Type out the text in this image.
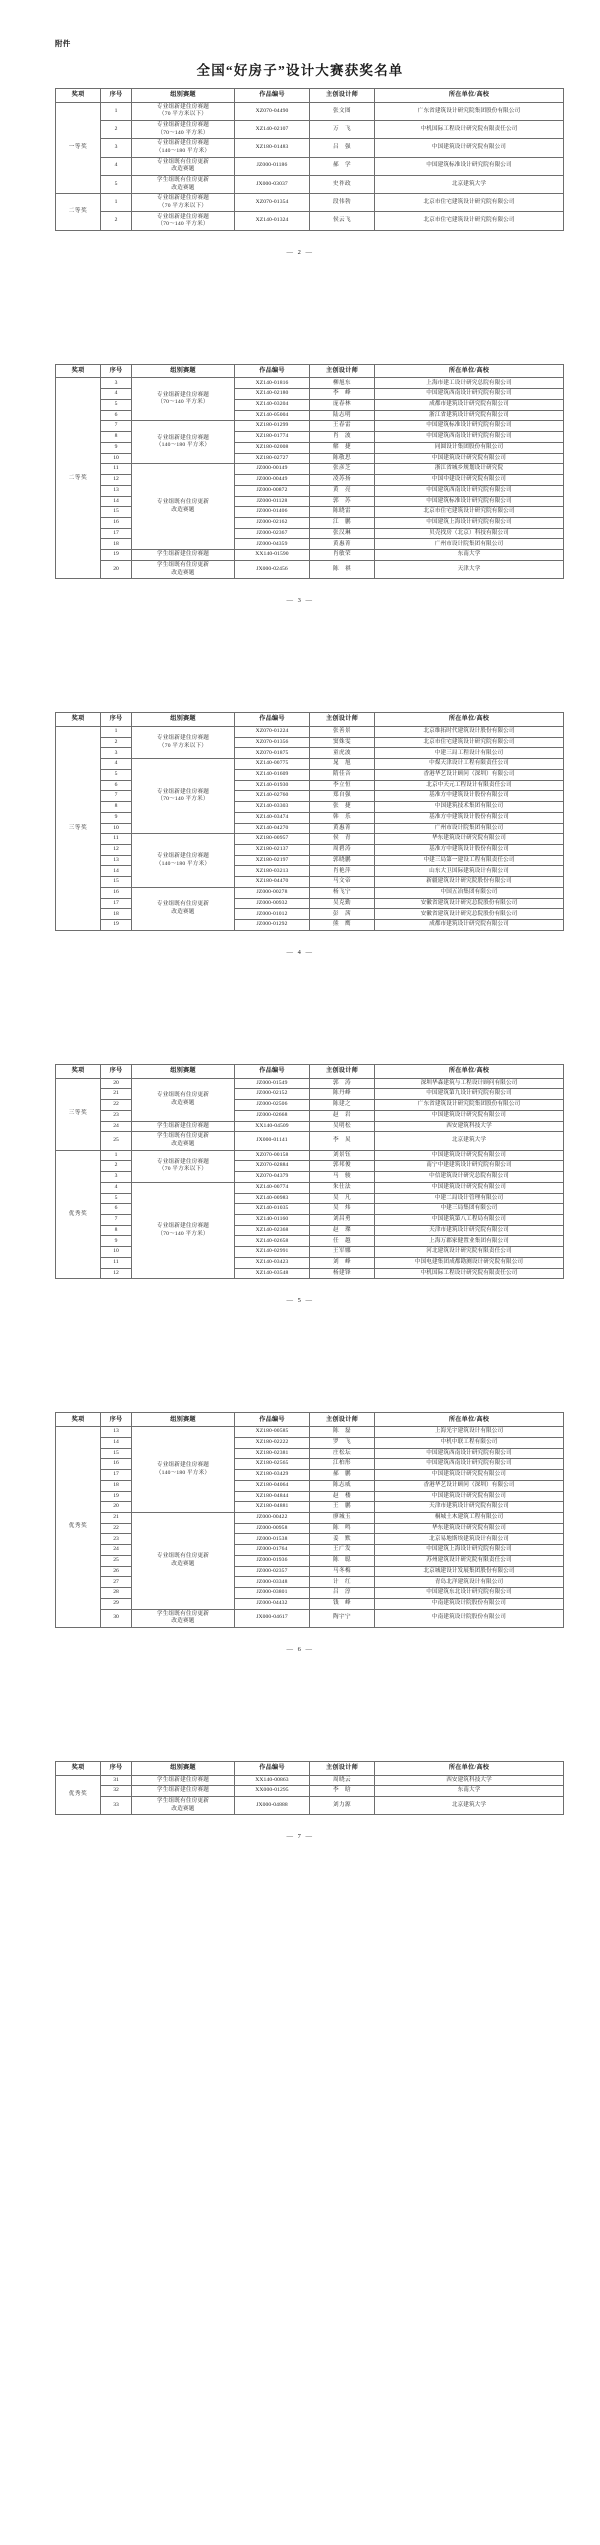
附件
全国“好房子”设计大赛获奖名单
奖项	序号	组别赛题	作品编号	主创设计师	所在单位/高校
一等奖	1	专业组新建住房赛题
（70 平方米以下）	XZ070-04490	张文图	广东省建筑设计研究院集团股份有限公司
	2	专业组新建住房赛题
（70～140 平方米）	XZ140-02107	万　飞	中机国际工程设计研究院有限责任公司
	3	专业组新建住房赛题
（140～180 平方米）	XZ180-01483	吕　强	中国建筑设计研究院有限公司
	4	专业组既有住房更新
改造赛题	JZ000-01186	郝　学	中国建筑标准设计研究院有限公司
	5	学生组既有住房更新
改造赛题	JX000-03037	史祚政	北京建筑大学
二等奖	1	专业组新建住房赛题
（70 平方米以下）	XZ070-01354	段伟勃	北京市住宅建筑设计研究院有限公司
	2	专业组新建住房赛题
（70～140 平方米）	XZ140-01324	侯云飞	北京市住宅建筑设计研究院有限公司
— 2 —
奖项	序号	组别赛题	作品编号	主创设计师	所在单位/高校
二等奖	3	专业组新建住房赛题
（70～140 平方米）	XZ140-01816	柳旭东	上海市建工设计研究总院有限公司
	4		XZ140-02180	李　峰	中国建筑西南设计研究院有限公司
	5		XZ140-03204	庞春林	成都市建筑设计研究院有限公司
	6		XZ140-05004	陆志明	浙江省建筑设计研究院有限公司
	7	专业组新建住房赛题
（140～180 平方米）	XZ180-01299	王春雷	中国建筑标准设计研究院有限公司
	8		XZ180-01774	肖　波	中国建筑西南设计研究院有限公司
	9		XZ180-02008	解　捷	同圆设计集团股份有限公司
	10		XZ180-02727	陈敬思	中国建筑设计研究院有限公司
	11	专业组既有住房更新
改造赛题	JZ000-00149	张彦芝	浙江省城乡规划设计研究院
	12		JZ000-00449	凌苏扬	中国中建设计研究院有限公司
	13		JZ000-00872	黄　亮	中国建筑西南设计研究院有限公司
	14		JZ000-01128	郭　苏	中国建筑标准设计研究院有限公司
	15		JZ000-01406	陈晓雷	北京市住宅建筑设计研究院有限公司
	16		JZ000-02162	江　鹏	中国建筑上海设计研究院有限公司
	17		JZ000-02367	张汉琳	贝壳找房（北京）科技有限公司
	18		JZ000-04359	黄惠菁	广州市设计院集团有限公司
	19	学生组新建住房赛题	XX140-01590	肖敏荣	东南大学
	20	学生组既有住房更新
改造赛题	JX000-02456	陈　祺	天津大学
— 3 —
奖项	序号	组别赛题	作品编号	主创设计师	所在单位/高校
三等奖	1	专业组新建住房赛题
（70 平方米以下）	XZ070-01224	张善景	北京维拓时代建筑设计股份有限公司
	2		XZ070-01356	窦姝雯	北京市住宅建筑设计研究院有限公司
	3		XZ070-01875	童虎波	中建三局工程设计有限公司
	4	专业组新建住房赛题
（70～140 平方米）	XZ140-00775	晁　旭	中煤天津设计工程有限责任公司
	5		XZ140-01609	隋佳音	香港华艺设计顾问（深圳）有限公司
	6		XZ140-01930	李立恒	北京中天元工程设计有限责任公司
	7		XZ140-02760	郑自强	基准方中建筑设计股份有限公司
	8		XZ140-03303	张　捷	中国建筑技术集团有限公司
	9		XZ140-03474	韩　乐	基准方中建筑设计股份有限公司
	10		XZ140-04270	黄惠菁	广州市设计院集团有限公司
	11	专业组新建住房赛题
（140～180 平方米）	XZ180-00957	侯　青	华东建筑设计研究院有限公司
	12		XZ180-02137	周碧涛	基准方中建筑设计股份有限公司
	13		XZ180-02197	郭晓鹏	中建三局第一建设工程有限责任公司
	14		XZ180-03213	肖艳萍	山东大卫国际建筑设计有限公司
	15		XZ180-04470	马文帝	新疆建筑设计研究院股份有限公司
	16	专业组既有住房更新
改造赛题	JZ000-00278	杨飞宁	中国五冶集团有限公司
	17		JZ000-00932	吴克勤	安徽省建筑设计研究总院股份有限公司
	18		JZ000-01012	彭　茜	安徽省建筑设计研究总院股份有限公司
	19		JZ000-01292	熊　鹰	成都市建筑设计研究院有限公司
— 4 —
奖项	序号	组别赛题	作品编号	主创设计师	所在单位/高校
三等奖	20	专业组既有住房更新
改造赛题	JZ000-01549	郭　涛	深圳华森建筑与工程设计顾问有限公司
	21		JZ000-02152	陈丹峰	中国建筑第九设计研究院有限公司
	22		JZ000-02506	陈建之	广东省建筑设计研究院集团股份有限公司
	23		JZ000-02668	赵　岩	中国建筑设计研究院有限公司
	24	学生组新建住房赛题	XX140-04509	吴明松	西安建筑科技大学
	25	学生组既有住房更新
改造赛题	JX000-01141	李　炅	北京建筑大学
优秀奖	1	专业组新建住房赛题
（70 平方米以下）	XZ070-00158	刘景钰	中国建筑设计研究院有限公司
	2		XZ070-02884	郭邦俊	南宁中建建筑设计研究院有限公司
	3		XZ070-04379	马　骏	中信建筑设计研究总院有限公司
	4	专业组新建住房赛题
（70～140 平方米）	XZ140-00774	朱仕法	中国建筑设计研究院有限公司
	5		XZ140-00983	吴　凡	中建二局设计管理有限公司
	6		XZ140-01035	吴　炜	中建三局集团有限公司
	7		XZ140-01160	刘昌勇	中国建筑第八工程局有限公司
	8		XZ140-02368	赵　璨	天津市建筑设计研究院有限公司
	9		XZ140-02658	任　越	上海万郡家健置业集团有限公司
	10		XZ140-02991	王军娜	河北建筑设计研究院有限责任公司
	11		XZ140-03423	刘　峰	中国电建集团成都勘测设计研究院有限公司
	12		XZ140-03548	杨建锋	中机国际工程设计研究院有限责任公司
— 5 —
奖项	序号	组别赛题	作品编号	主创设计师	所在单位/高校
优秀奖	13	专业组新建住房赛题
（140～180 平方米）	XZ180-00585	陈　磊	上海光宇建筑设计有限公司
	14		XZ180-02222	罗　飞	中机中联工程有限公司
	15		XZ180-02381	庄松坛	中国建筑西南设计研究院有限公司
	16		XZ180-02565	江柏彤	中国建筑西南设计研究院有限公司
	17		XZ180-03429	郝　鹏	中国建筑设计研究院有限公司
	18		XZ180-04064	陈志威	香港华艺设计顾问（深圳）有限公司
	19		XZ180-04844	赵　楼	中国建筑设计研究院有限公司
	20		XZ180-04881	王　鹏	天津市建筑设计研究院有限公司
	21	专业组既有住房更新
改造赛题	JZ000-00422	廖城玉	桐城土木建筑工程有限公司
	22		JZ000-00958	陈　鸣	华东建筑设计研究院有限公司
	23		JZ000-01538	姜　默	北京易地斯埃建筑设计有限公司
	24		JZ000-01764	王广发	中国建筑上海设计研究院有限公司
	25		JZ000-01936	陈　聪	苏州建筑设计研究院有限责任公司
	26		JZ000-02357	马冬梅	北京城建设计发展集团股份有限公司
	27		JZ000-03348	计　红	青岛北洋建筑设计有限公司
	28		JZ000-03801	吕　淳	中国建筑东北设计研究院有限公司
	29		JZ000-04432	钱　峰	中南建筑设计院股份有限公司
	30	学生组既有住房更新
改造赛题	JX000-04617	陶宇宁	中南建筑设计院股份有限公司
— 6 —
奖项	序号	组别赛题	作品编号	主创设计师	所在单位/高校
优秀奖	31	学生组新建住房赛题	XX140-00863	周晓云	西安建筑科技大学
	32	学生组新建住房赛题	XX000-01295	李　晗	东南大学
	33	学生组既有住房更新
改造赛题	JX000-04888	刘力源	北京建筑大学
— 7 —
